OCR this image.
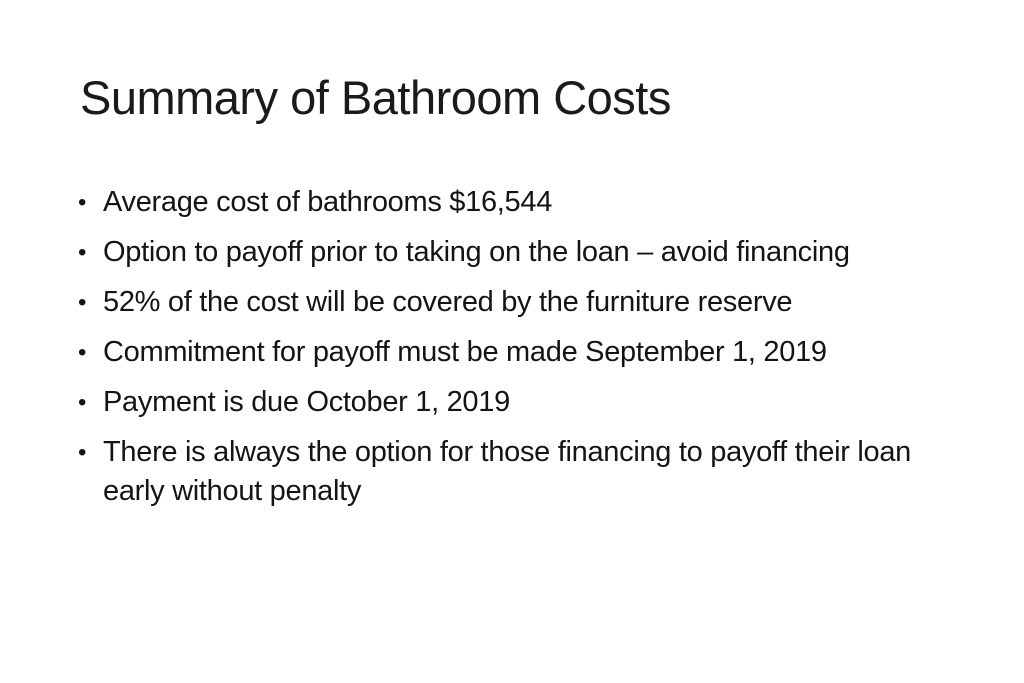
Summary of Bathroom Costs
• Average cost of bathrooms $16,544
• Option to payoff prior to taking on the loan – avoid financing
• 52% of the cost will be covered by the furniture reserve
• Commitment for payoff must be made September 1, 2019
• Payment is due October 1, 2019
• There is always the option for those financing to payoff their loan early without penalty
